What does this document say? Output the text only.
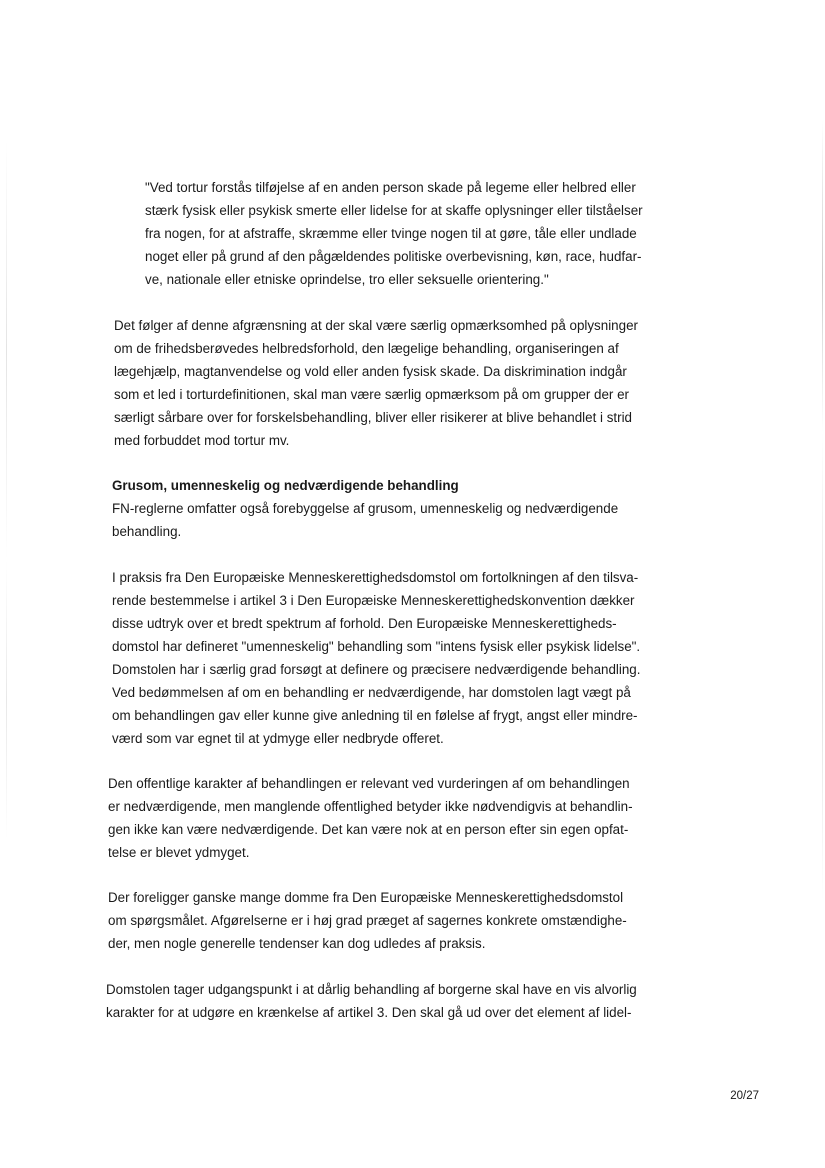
"Ved tortur forstås tilføjelse af en anden person skade på legeme eller helbred eller
stærk fysisk eller psykisk smerte eller lidelse for at skaffe oplysninger eller tilståelser
fra nogen, for at afstraffe, skræmme eller tvinge nogen til at gøre, tåle eller undlade
noget eller på grund af den pågældendes politiske overbevisning, køn, race, hudfar-
ve, nationale eller etniske oprindelse, tro eller seksuelle orientering."
Det følger af denne afgrænsning at der skal være særlig opmærksomhed på oplysninger
om de frihedsberøvedes helbredsforhold, den lægelige behandling, organiseringen af
lægehjælp, magtanvendelse og vold eller anden fysisk skade. Da diskrimination indgår
som et led i torturdefinitionen, skal man være særlig opmærksom på om grupper der er
særligt sårbare over for forskelsbehandling, bliver eller risikerer at blive behandlet i strid
med forbuddet mod tortur mv.
Grusom, umenneskelig og nedværdigende behandling
FN-reglerne omfatter også forebyggelse af grusom, umenneskelig og nedværdigende
behandling.
I praksis fra Den Europæiske Menneskerettighedsdomstol om fortolkningen af den tilsva-
rende bestemmelse i artikel 3 i Den Europæiske Menneskerettighedskonvention dækker
disse udtryk over et bredt spektrum af forhold. Den Europæiske Menneskerettigheds-
domstol har defineret "umenneskelig" behandling som "intens fysisk eller psykisk lidelse".
Domstolen har i særlig grad forsøgt at definere og præcisere nedværdigende behandling.
Ved bedømmelsen af om en behandling er nedværdigende, har domstolen lagt vægt på
om behandlingen gav eller kunne give anledning til en følelse af frygt, angst eller mindre-
værd som var egnet til at ydmyge eller nedbryde offeret.
Den offentlige karakter af behandlingen er relevant ved vurderingen af om behandlingen
er nedværdigende, men manglende offentlighed betyder ikke nødvendigvis at behandlin-
gen ikke kan være nedværdigende. Det kan være nok at en person efter sin egen opfat-
telse er blevet ydmyget.
Der foreligger ganske mange domme fra Den Europæiske Menneskerettighedsdomstol
om spørgsmålet. Afgørelserne er i høj grad præget af sagernes konkrete omstændighe-
der, men nogle generelle tendenser kan dog udledes af praksis.
Domstolen tager udgangspunkt i at dårlig behandling af borgerne skal have en vis alvorlig
karakter for at udgøre en krænkelse af artikel 3. Den skal gå ud over det element af lidel-
20/27
